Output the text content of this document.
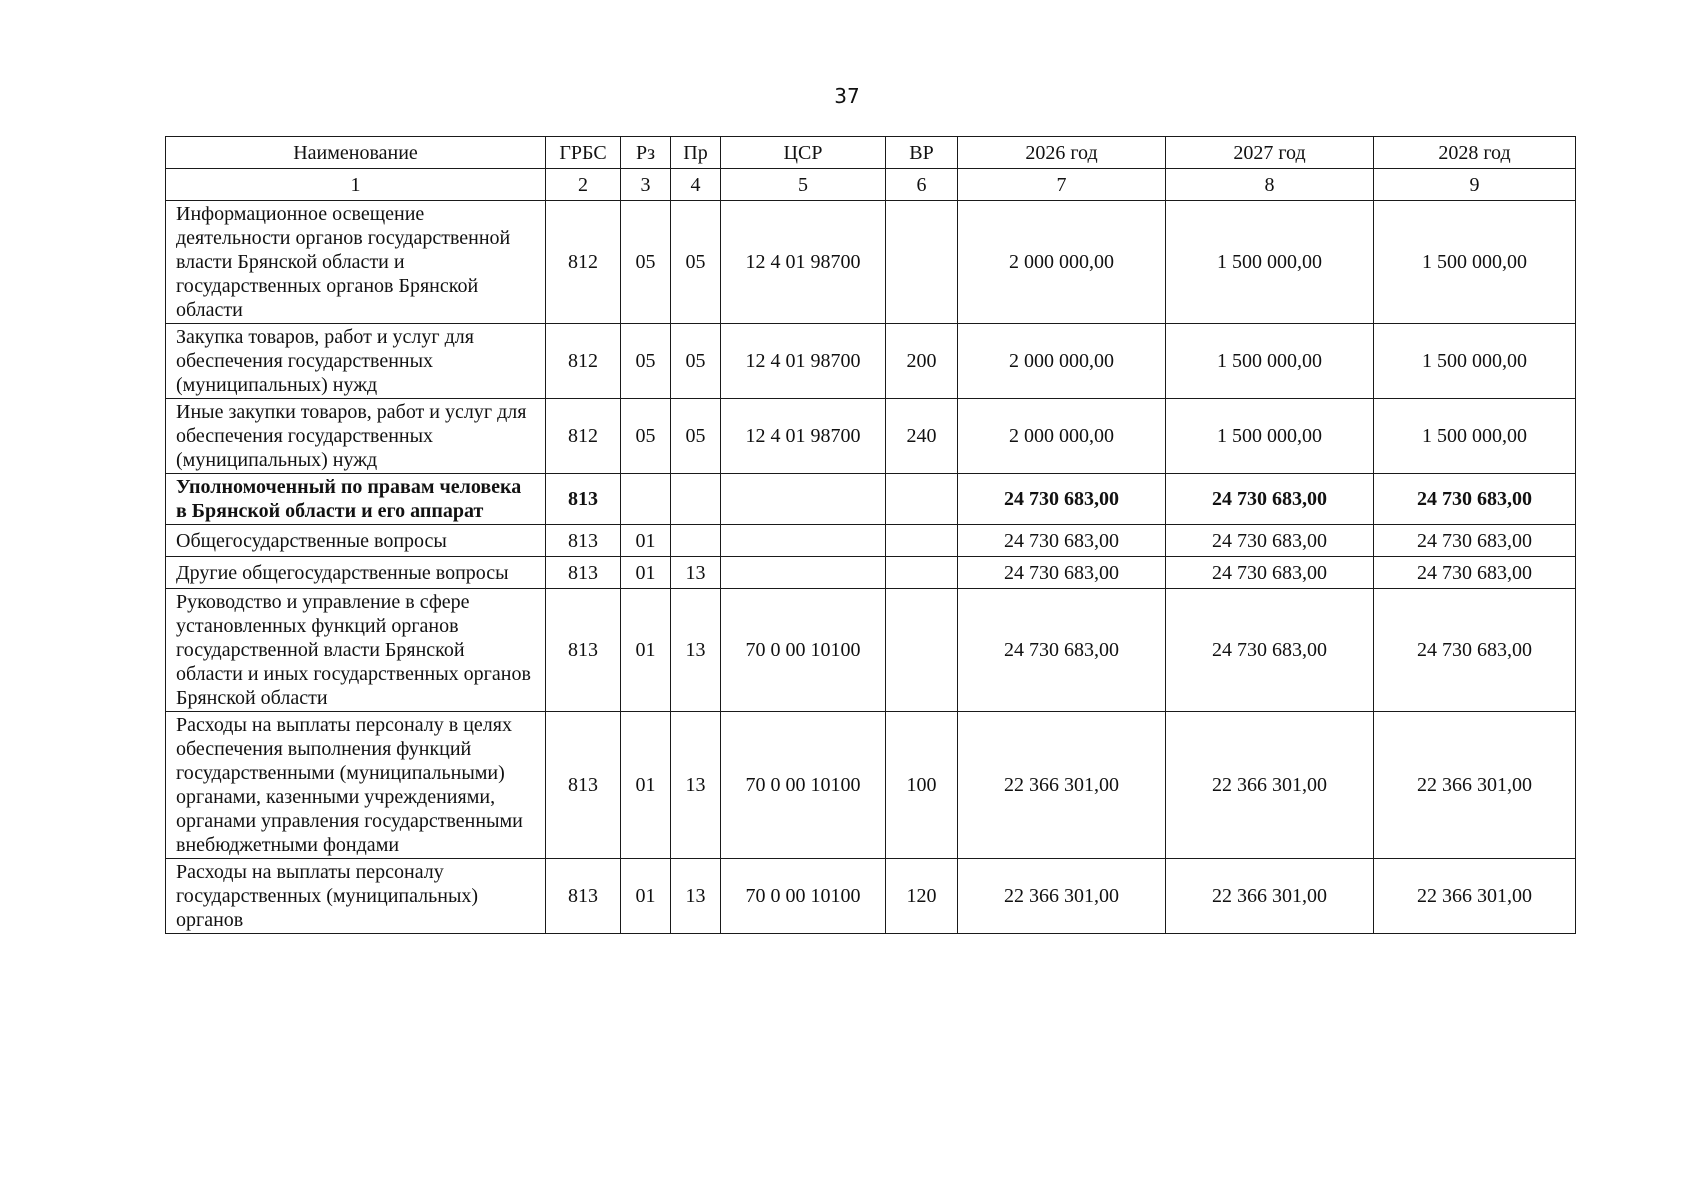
37
Наименование	ГРБС	Рз	Пр	ЦСР	ВР	2026 год	2027 год	2028 год
1	2	3	4	5	6	7	8	9
Информационное освещение деятельности органов государственной власти Брянской области и государственных органов Брянской области	812	05	05	12 4 01 98700		2 000 000,00	1 500 000,00	1 500 000,00
Закупка товаров, работ и услуг для обеспечения государственных (муниципальных) нужд	812	05	05	12 4 01 98700	200	2 000 000,00	1 500 000,00	1 500 000,00
Иные закупки товаров, работ и услуг для обеспечения государственных (муниципальных) нужд	812	05	05	12 4 01 98700	240	2 000 000,00	1 500 000,00	1 500 000,00
Уполномоченный по правам человека в Брянской области и его аппарат	813					24 730 683,00	24 730 683,00	24 730 683,00
Общегосударственные вопросы	813	01				24 730 683,00	24 730 683,00	24 730 683,00
Другие общегосударственные вопросы	813	01	13			24 730 683,00	24 730 683,00	24 730 683,00
Руководство и управление в сфере установленных функций органов государственной власти Брянской области и иных государственных органов Брянской области	813	01	13	70 0 00 10100		24 730 683,00	24 730 683,00	24 730 683,00
Расходы на выплаты персоналу в целях обеспечения выполнения функций государственными (муниципальными) органами, казенными учреждениями, органами управления государственными внебюджетными фондами	813	01	13	70 0 00 10100	100	22 366 301,00	22 366 301,00	22 366 301,00
Расходы на выплаты персоналу государственных (муниципальных) органов	813	01	13	70 0 00 10100	120	22 366 301,00	22 366 301,00	22 366 301,00
